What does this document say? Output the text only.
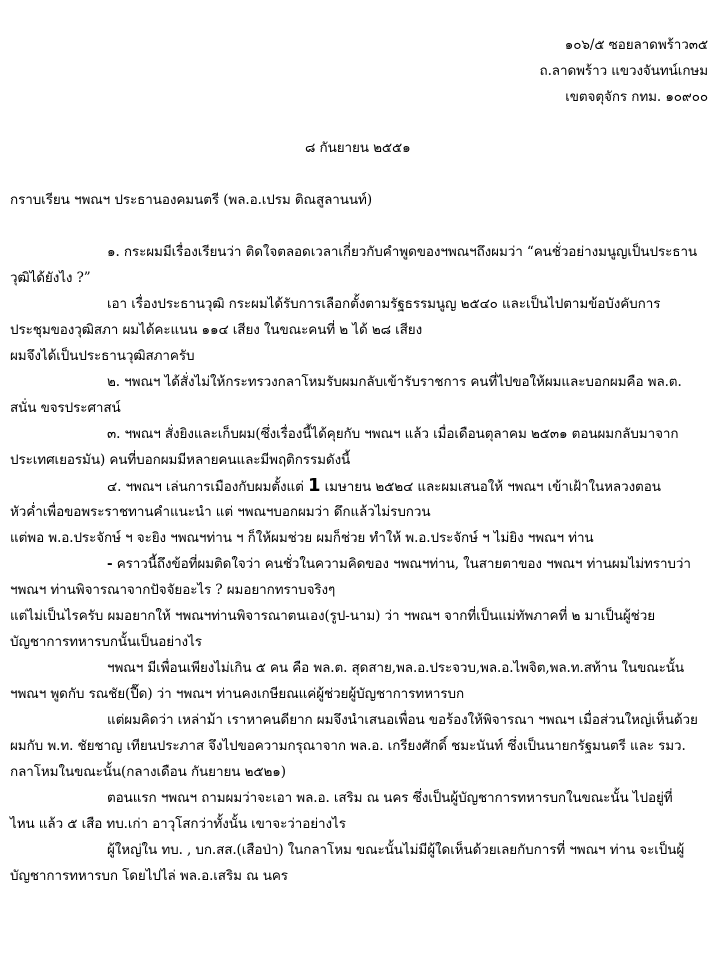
๑๐๖/๕ ซอยลาดพร้าว๓๕
ถ.ลาดพร้าว แขวงจันทน์เกษม
เขตจตุจักร กทม. ๑๐๙๐๐
๘ กันยายน ๒๕๕๑
กราบเรียน ฯพณฯ ประธานองคมนตรี (พล.อ.เปรม ติณสูลานนท์)
๑. กระผมมีเรื่องเรียนว่า ติดใจตลอดเวลาเกี่ยวกับคำพูดของฯพณฯถึงผมว่า “คนชั่วอย่างมนูญเป็นประธาน
วุฒิได้ยังไง ?”
เอา เรื่องประธานวุฒิ กระผมได้รับการเลือกตั้งตามรัฐธรรมนูญ ๒๕๔๐ และเป็นไปตามข้อบังคับการ
ประชุมของวุฒิสภา ผมได้คะแนน ๑๑๔ เสียง ในขณะคนที่ ๒ ได้ ๒๘ เสียง
ผมจึงได้เป็นประธานวุฒิสภาครับ
๒. ฯพณฯ ได้สั่งไม่ให้กระทรวงกลาโหมรับผมกลับเข้ารับราชการ คนที่ไปขอให้ผมและบอกผมคือ พล.ต.
สนั่น ขจรประศาสน์
๓. ฯพณฯ สั่งยิงและเก็บผม(ซึ่งเรื่องนี้ได้คุยกับ ฯพณฯ แล้ว เมื่อเดือนตุลาคม ๒๕๓๑ ตอนผมกลับมาจาก
ประเทศเยอรมัน) คนที่บอกผมมีหลายคนและมีพฤติกรรมดังนี้
๔. ฯพณฯ เล่นการเมืองกับผมตั้งแต่ 1 เมษายน ๒๕๒๔ และผมเสนอให้ ฯพณฯ เข้าเฝ้าในหลวงตอน
หัวค่ำเพื่อขอพระราชทานคำแนะนำ แต่ ฯพณฯบอกผมว่า ดึกแล้วไม่รบกวน
แต่พอ พ.อ.ประจักษ์ ฯ จะยิง ฯพณฯท่าน ฯ ก็ให้ผมช่วย ผมก็ช่วย ทำให้ พ.อ.ประจักษ์ ฯ ไม่ยิง ฯพณฯ ท่าน
- คราวนี้ถึงข้อที่ผมติดใจว่า คนชั่วในความคิดของ ฯพณฯท่าน, ในสายตาของ ฯพณฯ ท่านผมไม่ทราบว่า
ฯพณฯ ท่านพิจารณาจากปัจจัยอะไร ? ผมอยากทราบจริงๆ
แต่ไม่เป็นไรครับ ผมอยากให้ ฯพณฯท่านพิจารณาตนเอง(รูป-นาม) ว่า ฯพณฯ จากที่เป็นแม่ทัพภาคที่ ๒ มาเป็นผู้ช่วย
บัญชาการทหารบกนั้นเป็นอย่างไร
ฯพณฯ มีเพื่อนเพียงไม่เกิน ๕ คน คือ พล.ต. สุดสาย,พล.อ.ประจวบ,พล.อ.ไพจิต,พล.ท.สท้าน ในขณะนั้น
ฯพณฯ พูดกับ รณชัย(ปื๊ด) ว่า ฯพณฯ ท่านคงเกษียณแค่ผู้ช่วยผู้บัญชาการทหารบก
แต่ผมคิดว่า เหล่าม้า เราหาคนดียาก ผมจึงนำเสนอเพื่อน ขอร้องให้พิจารณา ฯพณฯ เมื่อส่วนใหญ่เห็นด้วย
ผมกับ พ.ท. ชัยชาญ เทียนประภาส จึงไปขอความกรุณาจาก พล.อ. เกรียงศักดิ์ ชมะนันท์ ซึ่งเป็นนายกรัฐมนตรี และ รมว.
กลาโหมในขณะนั้น(กลางเดือน กันยายน ๒๕๒๑)
ตอนแรก ฯพณฯ ถามผมว่าจะเอา พล.อ. เสริม ณ นคร ซึ่งเป็นผู้บัญชาการทหารบกในขณะนั้น ไปอยู่ที่
ไหน แล้ว ๕ เสือ ทบ.เก่า อาวุโสกว่าทั้งนั้น เขาจะว่าอย่างไร
ผู้ใหญ่ใน ทบ. , บก.สส.(เสือป่า) ในกลาโหม ขณะนั้นไม่มีผู้ใดเห็นด้วยเลยกับการที่ ฯพณฯ ท่าน จะเป็นผู้
บัญชาการทหารบก โดยไปไล่ พล.อ.เสริม ณ นคร
